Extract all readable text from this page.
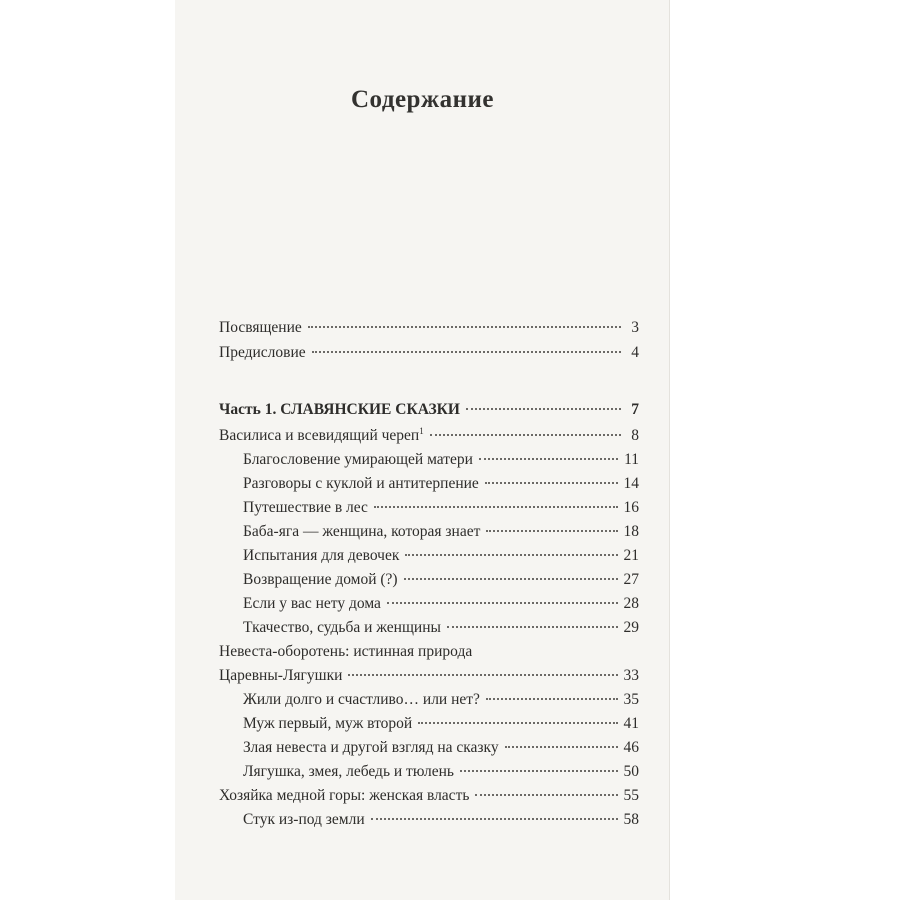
Содержание
Посвящение	3
Предисловие	4
Часть 1. СЛАВЯНСКИЕ СКАЗКИ	7
Василиса и всевидящий череп$^1$	8
Благословение умирающей матери	11
Разговоры с куклой и антитерпение	14
Путешествие в лес	16
Баба-яга — женщина, которая знает	18
Испытания для девочек	21
Возвращение домой (?)	27
Если у вас нету дома	28
Ткачество, судьба и женщины	29
Невеста-оборотень: истинная природа
Царевны-Лягушки	33
Жили долго и счастливо… или нет?	35
Муж первый, муж второй	41
Злая невеста и другой взгляд на сказку	46
Лягушка, змея, лебедь и тюлень	50
Хозяйка медной горы: женская власть	55
Стук из-под земли	58
